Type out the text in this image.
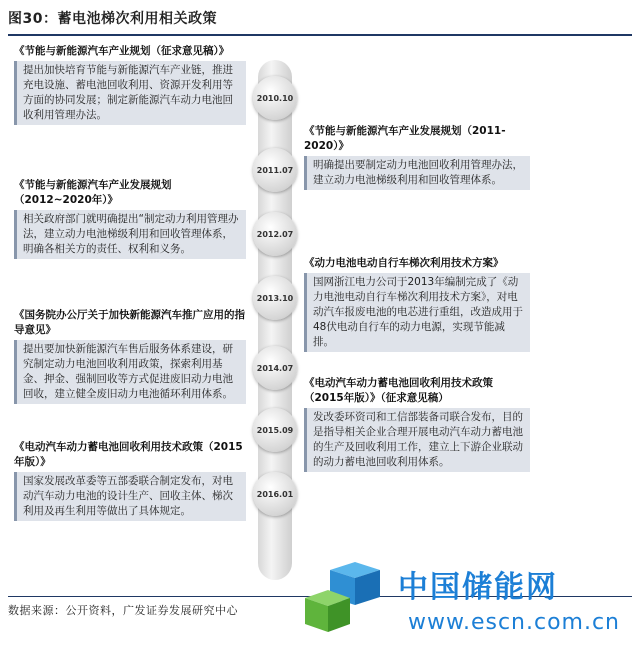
图30：蓄电池梯次利用相关政策
2010.10
2011.07
2012.07
2013.10
2014.07
2015.09
2016.01
《节能与新能源汽车产业规划（征求意见稿）》
提出加快培育节能与新能源汽车产业链，推进充电设施、蓄电池回收利用、资源开发利用等方面的协同发展；制定新能源汽车动力电池回收利用管理办法。
《节能与新能源汽车产业发展规划（2012~2020年）》
相关政府部门就明确提出“制定动力利用管理办法，建立动力电池梯级利用和回收管理体系，明确各相关方的责任、权利和义务。
《国务院办公厅关于加快新能源汽车推广应用的指导意见》
提出要加快新能源汽车售后服务体系建设，研究制定动力电池回收利用政策，探索利用基金、押金、强制回收等方式促进废旧动力电池回收，建立健全废旧动力电池循环利用体系。
《电动汽车动力蓄电池回收利用技术政策（2015年版）》
国家发展改革委等五部委联合制定发布，对电动汽车动力电池的设计生产、回收主体、梯次利用及再生利用等做出了具体规定。
《节能与新能源汽车产业发展规划（2011-2020）》
明确提出要制定动力电池回收利用管理办法，建立动力电池梯级利用和回收管理体系。
《动力电池电动自行车梯次利用技术方案》
国网浙江电力公司于2013年编制完成了《动力电池电动自行车梯次利用技术方案》，对电动汽车报废电池的电芯进行重组，改造成用于48伏电动自行车的动力电源，实现节能减排。
《电动汽车动力蓄电池回收利用技术政策（2015年版）》（征求意见稿）
发改委环资司和工信部装备司联合发布，目的是指导相关企业合理开展电动汽车动力蓄电池的生产及回收利用工作，建立上下游企业联动的动力蓄电池回收利用体系。
数据来源：公开资料，广发证券发展研究中心
中国储能网
www.escn.com.cn
